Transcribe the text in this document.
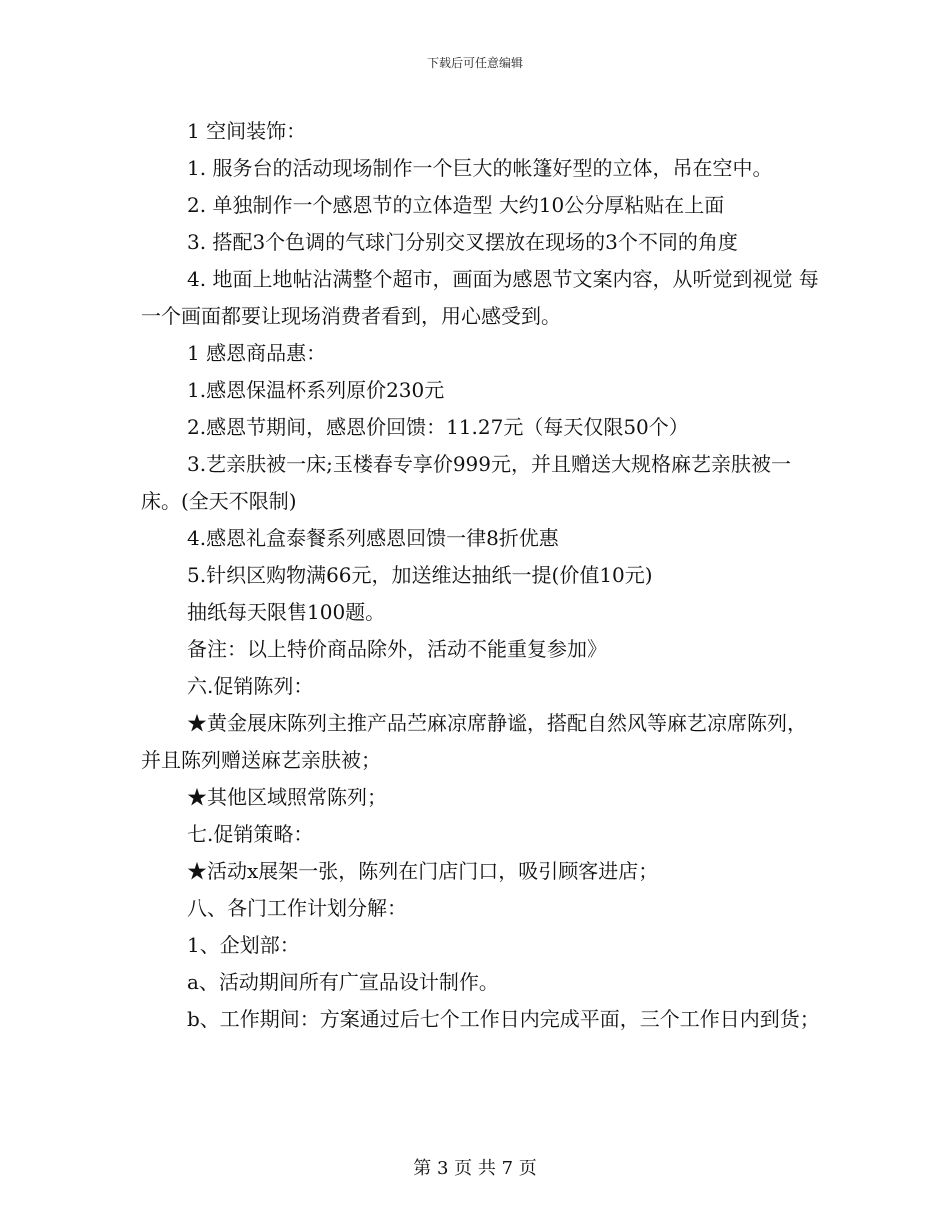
下载后可任意编辑

1 空间装饰：

1. 服务台的活动现场制作一个巨大的帐篷好型的立体，吊在空中。

2. 单独制作一个感恩节的立体造型 大约10公分厚粘贴在上面

3. 搭配3个色调的气球门分别交叉摆放在现场的3个不同的角度

4. 地面上地帖沾满整个超市，画面为感恩节文案内容，从听觉到视觉 每一个画面都要让现场消费者看到，用心感受到。

1 感恩商品惠：

1.感恩保温杯系列原价230元

2.感恩节期间，感恩价回馈：11.27元（每天仅限50个）

3.艺亲肤被一床;玉楼春专享价999元，并且赠送大规格麻艺亲肤被一床。(全天不限制)

4.感恩礼盒泰餐系列感恩回馈一律8折优惠

5.针织区购物满66元，加送维达抽纸一提(价值10元)

抽纸每天限售100题。

备注：以上特价商品除外，活动不能重复参加》

六.促销陈列：

★黄金展床陈列主推产品苎麻凉席静谧，搭配自然风等麻艺凉席陈列，并且陈列赠送麻艺亲肤被；

★其他区域照常陈列；

七.促销策略：

★活动x展架一张，陈列在门店门口，吸引顾客进店；

八、各门工作计划分解：

1、企划部：

a、活动期间所有广宣品设计制作。

b、工作期间：方案通过后七个工作日内完成平面，三个工作日内到货；

第 3 页 共 7 页
